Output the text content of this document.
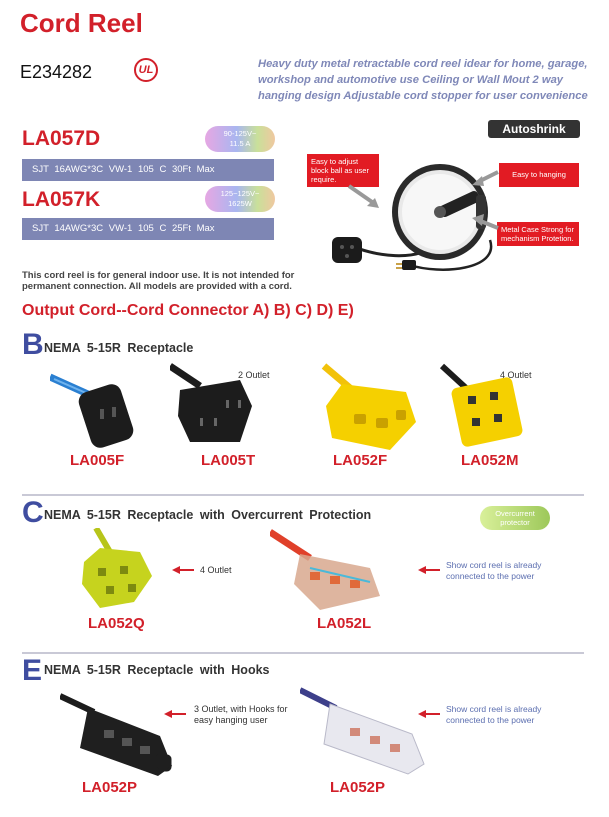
Cord Reel
E234282	UL	Heavy duty metal retractable cord reel idear for home, garage, workshop and automotive use Ceiling or Wall Mout 2 way hanging design Adjustable cord stopper for user convenience
Autoshrink
LA057D	90-125V~
11.5 A
SJT 16AWG*3C VW-1 105 C 30Ft Max
LA057K	125~125V~
1625W
SJT 14AWG*3C VW-1 105 C 25Ft Max
Easy to adjust block ball as user require.
Easy to hanging
Metal Case Strong for mechanism Protetion.
This cord reel is for general indoor use. It is not intended for permanent connection. All models are provided with a cord.
Output Cord--Cord Connector A) B) C) D) E)
B NEMA 5-15R Receptacle
LA005F
2 Outlet
LA005T	LA052F
4 Outlet
LA052M
C NEMA 5-15R Receptacle with Overcurrent Protection	Overcurrent protector
4 Outlet
LA052Q
Show cord reel is already connected to the power
LA052L
E NEMA 5-15R Receptacle with Hooks
3 Outlet, with Hooks for easy hanging user
LA052P
Show cord reel is already connected to the power
LA052P
